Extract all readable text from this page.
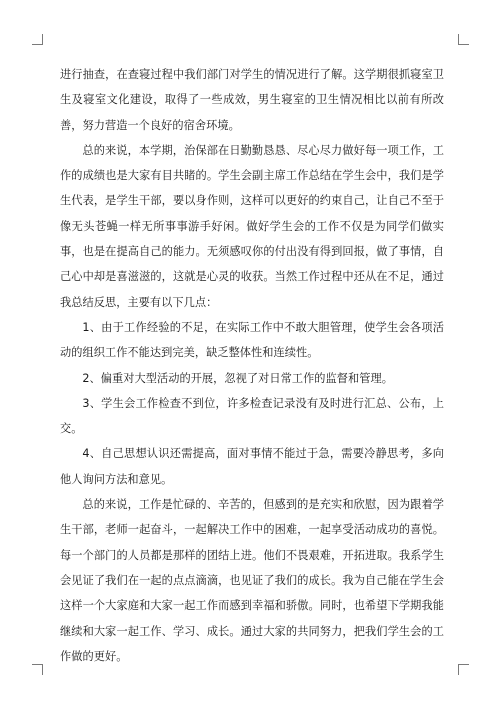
进行抽查，在查寝过程中我们部门对学生的情况进行了解。这学期很抓寝室卫生及寝室文化建设，取得了一些成效，男生寝室的卫生情况相比以前有所改善，努力营造一个良好的宿舍环境。

总的来说，本学期，治保部在日勤勤恳恳、尽心尽力做好每一项工作，工作的成绩也是大家有目共睹的。学生会副主席工作总结在学生会中，我们是学生代表，是学生干部，要以身作则，这样可以更好的约束自己，让自己不至于像无头苍蝇一样无所事事游手好闲。做好学生会的工作不仅是为同学们做实事，也是在提高自己的能力。无须感叹你的付出没有得到回报，做了事情，自己心中却是喜滋滋的，这就是心灵的收获。当然工作过程中还从在不足，通过我总结反思，主要有以下几点：

1、由于工作经验的不足，在实际工作中不敢大胆管理，使学生会各项活动的组织工作不能达到完美，缺乏整体性和连续性。

2、偏重对大型活动的开展，忽视了对日常工作的监督和管理。

3、学生会工作检查不到位，许多检查记录没有及时进行汇总、公布，上交。

4、自己思想认识还需提高，面对事情不能过于急，需要冷静思考，多向他人询问方法和意见。

总的来说，工作是忙碌的、辛苦的，但感到的是充实和欣慰，因为跟着学生干部，老师一起奋斗，一起解决工作中的困难，一起享受活动成功的喜悦。每一个部门的人员都是那样的团结上进。他们不畏艰难，开拓进取。我系学生会见证了我们在一起的点点滴滴，也见证了我们的成长。我为自己能在学生会这样一个大家庭和大家一起工作而感到幸福和骄傲。同时，也希望下学期我能继续和大家一起工作、学习、成长。通过大家的共同努力，把我们学生会的工作做的更好。
